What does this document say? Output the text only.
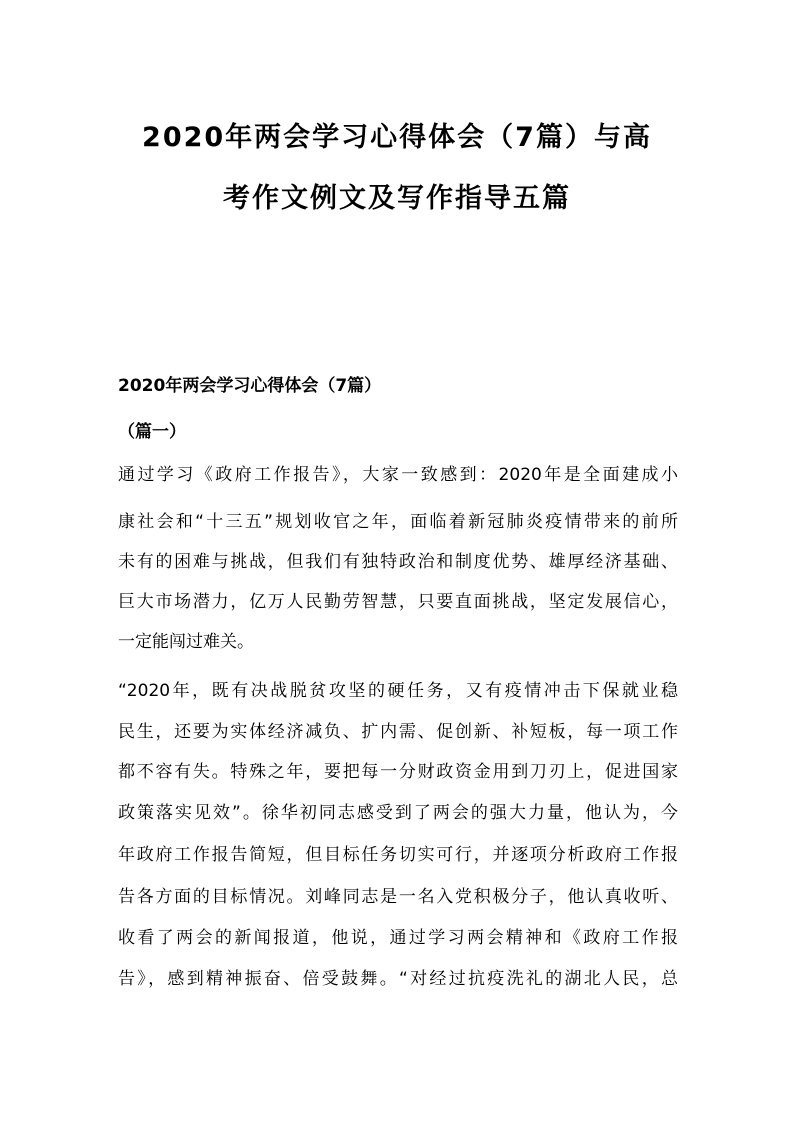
2020年两会学习心得体会（7篇）与高
考作文例文及写作指导五篇
2020年两会学习心得体会（7篇）
（篇一）
通过学习《政府工作报告》，大家一致感到：2020年是全面建成小
康社会和“十三五”规划收官之年，面临着新冠肺炎疫情带来的前所
未有的困难与挑战，但我们有独特政治和制度优势、雄厚经济基础、
巨大市场潜力，亿万人民勤劳智慧，只要直面挑战，坚定发展信心，
一定能闯过难关。
“2020年，既有决战脱贫攻坚的硬任务，又有疫情冲击下保就业稳
民生，还要为实体经济减负、扩内需、促创新、补短板，每一项工作
都不容有失。特殊之年，要把每一分财政资金用到刀刃上，促进国家
政策落实见效”。徐华初同志感受到了两会的强大力量，他认为，今
年政府工作报告简短，但目标任务切实可行，并逐项分析政府工作报
告各方面的目标情况。刘峰同志是一名入党积极分子，他认真收听、
收看了两会的新闻报道，他说，通过学习两会精神和《政府工作报
告》，感到精神振奋、倍受鼓舞。“对经过抗疫洗礼的湖北人民，总
